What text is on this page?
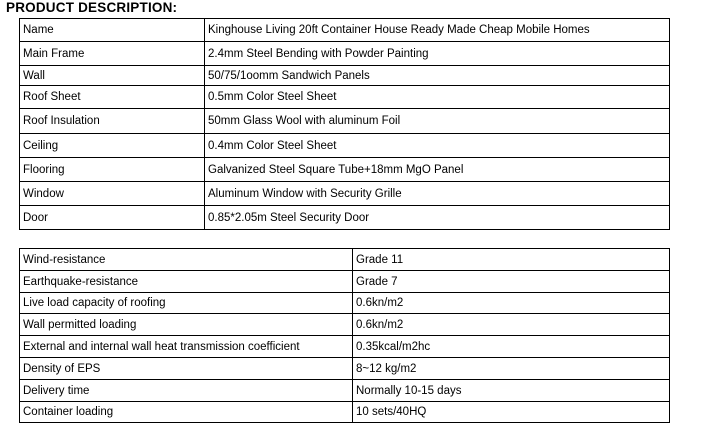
PRODUCT DESCRIPTION:
Name	Kinghouse Living 20ft Container House Ready Made Cheap Mobile Homes
Main Frame	2.4mm Steel Bending with Powder Painting
Wall	50/75/1oomm Sandwich Panels
Roof Sheet	0.5mm Color Steel Sheet
Roof Insulation	50mm Glass Wool with aluminum Foil
Ceiling	0.4mm Color Steel Sheet
Flooring	Galvanized Steel Square Tube+18mm MgO Panel
Window	Aluminum Window with Security Grille
Door	0.85*2.05m Steel Security Door
Wind-resistance	Grade 11
Earthquake-resistance	Grade 7
Live load capacity of roofing	0.6kn/m2
Wall permitted loading	0.6kn/m2
External and internal wall heat transmission coefficient	0.35kcal/m2hc
Density of EPS	8~12 kg/m2
Delivery time	Normally 10-15 days
Container loading	10 sets/40HQ
